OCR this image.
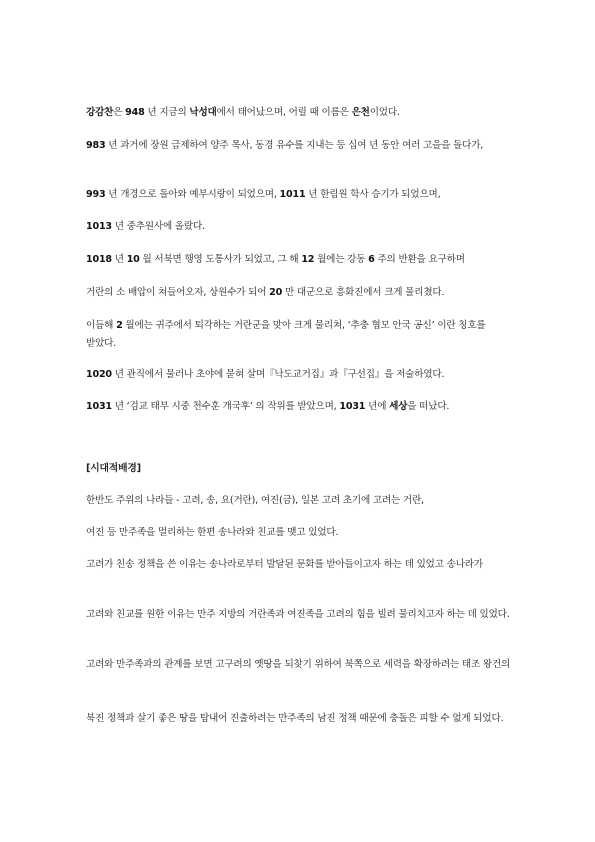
강감찬은 948 년 지금의 낙성대에서 태어났으며, 어릴 때 이름은 은천이었다.

983 년 과거에 장원 급제하여 양주 목사, 동경 유수를 지내는 등 십여 년 동안 여러 고을을 돌다가,

993 년 개경으로 돌아와 예부시랑이 되었으며, 1011 년 한림원 학사 승기가 되었으며,

1013 년 중추원사에 올랐다.

1018 년 10 월 서북면 행영 도통사가 되었고, 그 해 12 월에는 강동 6 주의 반환을 요구하며

거란의 소 배압이 쳐들어오자, 상원수가 되어 20 만 대군으로 흥화진에서 크게 물리쳤다.

이듬해 2 월에는 귀주에서 퇴각하는 거란군을 맞아 크게 물리쳐, ‘추충 협모 안국 공신’ 이란 칭호를 받았다.

1020 년 관직에서 물러나 초야에 묻혀 살며『낙도교거집』과『구선집』을 저술하였다.

1031 년 ‘검교 태부 시중 천수훈 개국후’ 의 작위를 받았으며, 1031 년에 세상을 떠났다.

[시대적배경]

한반도 주위의 나라들 - 고려, 송, 요(거란), 여진(금), 일본 고려 초기에 고려는 거란,

여진 등 만주족을 멀리하는 한편 송나라와 친교를 맺고 있었다.

고려가 친송 정책을 쓴 이유는 송나라로부터 발달된 문화를 받아들이고자 하는 데 있었고 송나라가

고려와 친교를 원한 이유는 만주 지방의 거란족과 여진족을 고려의 힘을 빌려 물리치고자 하는 데 있었다.

고려와 만주족과의 관계를 보면 고구려의 옛땅을 되찾기 위하여 북쪽으로 세력을 확장하려는 태조 왕건의

북진 정책과 살기 좋은 땅을 탐내어 진출하려는 만주족의 남진 정책 때문에 충돌은 피할 수 없게 되었다.
